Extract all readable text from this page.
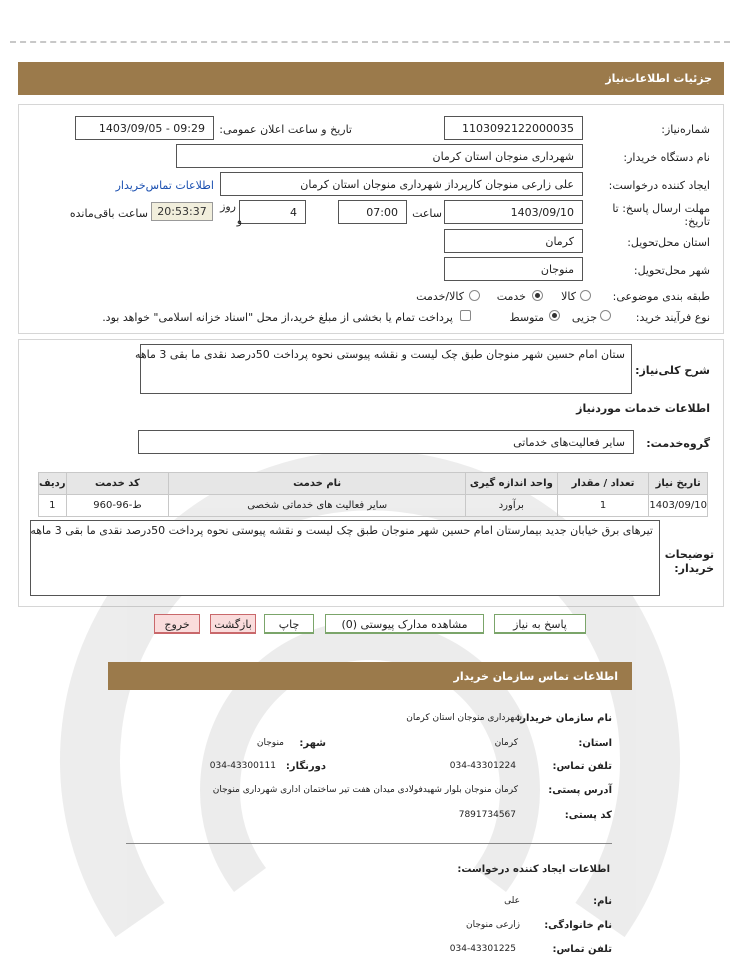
جزئیات اطلاعات‌نیاز
شماره‌نیاز:
1103092122000035
تاریخ و ساعت اعلان عمومی:
1403/09/05 - 09:29
نام دستگاه خریدار:
شهرداری منوجان استان کرمان
ایجاد کننده درخواست:
علی زارعی منوجان کارپرداز شهرداری منوجان استان کرمان
اطلاعات تماس‌خریدار
مهلت ارسال پاسخ: تا
تاریخ:
1403/09/10
ساعت
07:00
4
روز
و
20:53:37
ساعت باقی‌مانده
استان محل‌تحویل:
کرمان
شهر محل‌تحویل:
منوجان
طبقه بندی موضوعی:
کالا
خدمت
کالا/خدمت
نوع فرآیند خرید:
جزیی
متوسط
پرداخت تمام یا بخشی از مبلغ خرید،از محل "اسناد خزانه اسلامی" خواهد بود.
شرح کلی‌نیاز:
ستان امام حسین شهر منوجان طبق چک لیست و نقشه پیوستی نحوه پرداخت 50درصد نقدی ما بقی 3 ماهه
اطلاعات خدمات موردنیاز
گروه‌خدمت:
سایر فعالیت‌های خدماتی
تاریخ نیاز	تعداد / مقدار	واحد اندازه گیری	نام خدمت	کد خدمت	ردیف
1403/09/10	1	برآورد	سایر فعالیت های خدماتی شخصی	ط-96-960	1
توضیحات
خریدار:
تیرهای برق خیابان جدید بیمارستان امام حسین شهر منوجان طبق چک لیست و نقشه پیوستی نحوه پرداخت 50درصد نقدی ما بقی 3 ماهه
پاسخ به نیاز
مشاهده مدارک پیوستی (0)
چاپ
بازگشت
خروج
اطلاعات تماس سازمان خریدار
نام سازمان خریدار:
شهرداری منوجان استان کرمان
استان:
کرمان
شهر:
منوجان
تلفن تماس:
034-43301224
دورنگار:
034-43300111
آدرس پستی:
کرمان منوجان بلوار شهیدفولادی میدان هفت تیر ساختمان اداری شهرداری منوجان
کد پستی:
7891734567
اطلاعات ایجاد کننده درخواست:
نام:
علی
نام خانوادگی:
زارعی منوجان
تلفن تماس:
034-43301225
